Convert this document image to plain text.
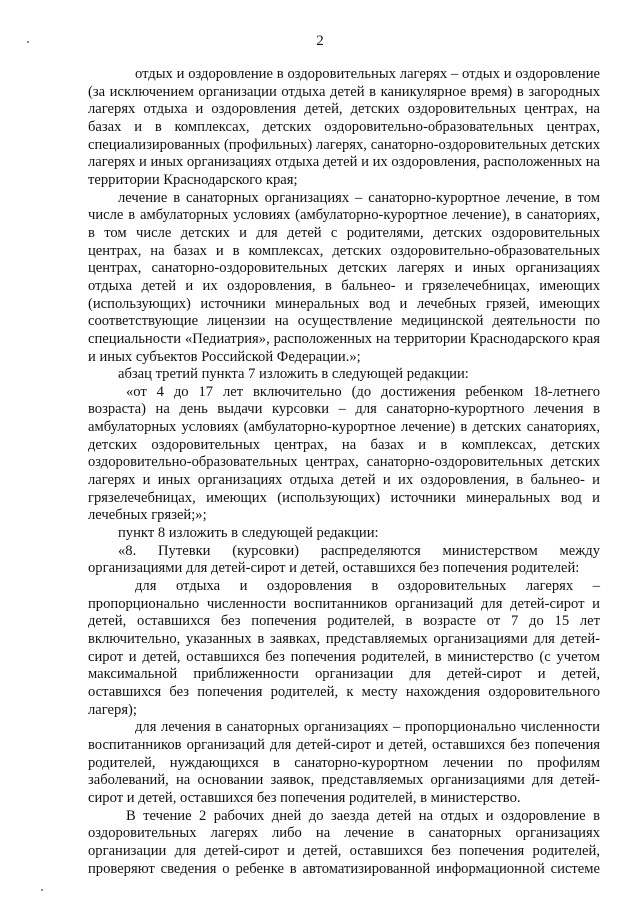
2

отдых и оздоровление в оздоровительных лагерях – отдых и оздоровление (за исключением организации отдыха детей в каникулярное время) в загородных лагерях отдыха и оздоровления детей, детских оздоровительных центрах, на базах и в комплексах, детских оздоровительно-образовательных центрах, специализированных (профильных) лагерях, санаторно-оздоровительных детских лагерях и иных организациях отдыха детей и их оздоровления, расположенных на территории Краснодарского края;

лечение в санаторных организациях – санаторно-курортное лечение, в том числе в амбулаторных условиях (амбулаторно-курортное лечение), в санаториях, в том числе детских и для детей с родителями, детских оздоровительных центрах, на базах и в комплексах, детских оздоровительно-образовательных центрах, санаторно-оздоровительных детских лагерях и иных организациях отдыха детей и их оздоровления, в бальнео- и грязелечебницах, имеющих (использующих) источники минеральных вод и лечебных грязей, имеющих соответствующие лицензии на осуществление медицинской деятельности по специальности «Педиатрия», расположенных на территории Краснодарского края и иных субъектов Российской Федерации.»;

абзац третий пункта 7 изложить в следующей редакции:

«от 4 до 17 лет включительно (до достижения ребенком 18-летнего возраста) на день выдачи курсовки – для санаторно-курортного лечения в амбулаторных условиях (амбулаторно-курортное лечение) в детских санаториях, детских оздоровительных центрах, на базах и в комплексах, детских оздоровительно-образовательных центрах, санаторно-оздоровительных детских лагерях и иных организациях отдыха детей и их оздоровления, в бальнео- и грязелечебницах, имеющих (использующих) источники минеральных вод и лечебных грязей;»;

пункт 8 изложить в следующей редакции:

«8. Путевки (курсовки) распределяются министерством между организациями для детей-сирот и детей, оставшихся без попечения родителей:

для отдыха и оздоровления в оздоровительных лагерях – пропорционально численности воспитанников организаций для детей-сирот и детей, оставшихся без попечения родителей, в возрасте от 7 до 15 лет включительно, указанных в заявках, представляемых организациями для детей-сирот и детей, оставшихся без попечения родителей, в министерство (с учетом максимальной приближенности организации для детей-сирот и детей, оставшихся без попечения родителей, к месту нахождения оздоровительного лагеря);

для лечения в санаторных организациях – пропорционально численности воспитанников организаций для детей-сирот и детей, оставшихся без попечения родителей, нуждающихся в санаторно-курортном лечении по профилям заболеваний, на основании заявок, представляемых организациями для детей-сирот и детей, оставшихся без попечения родителей, в министерство.

В течение 2 рабочих дней до заезда детей на отдых и оздоровление в оздоровительных лагерях либо на лечение в санаторных организациях организации для детей-сирот и детей, оставшихся без попечения родителей, проверяют сведения о ребенке в автоматизированной информационной системе
